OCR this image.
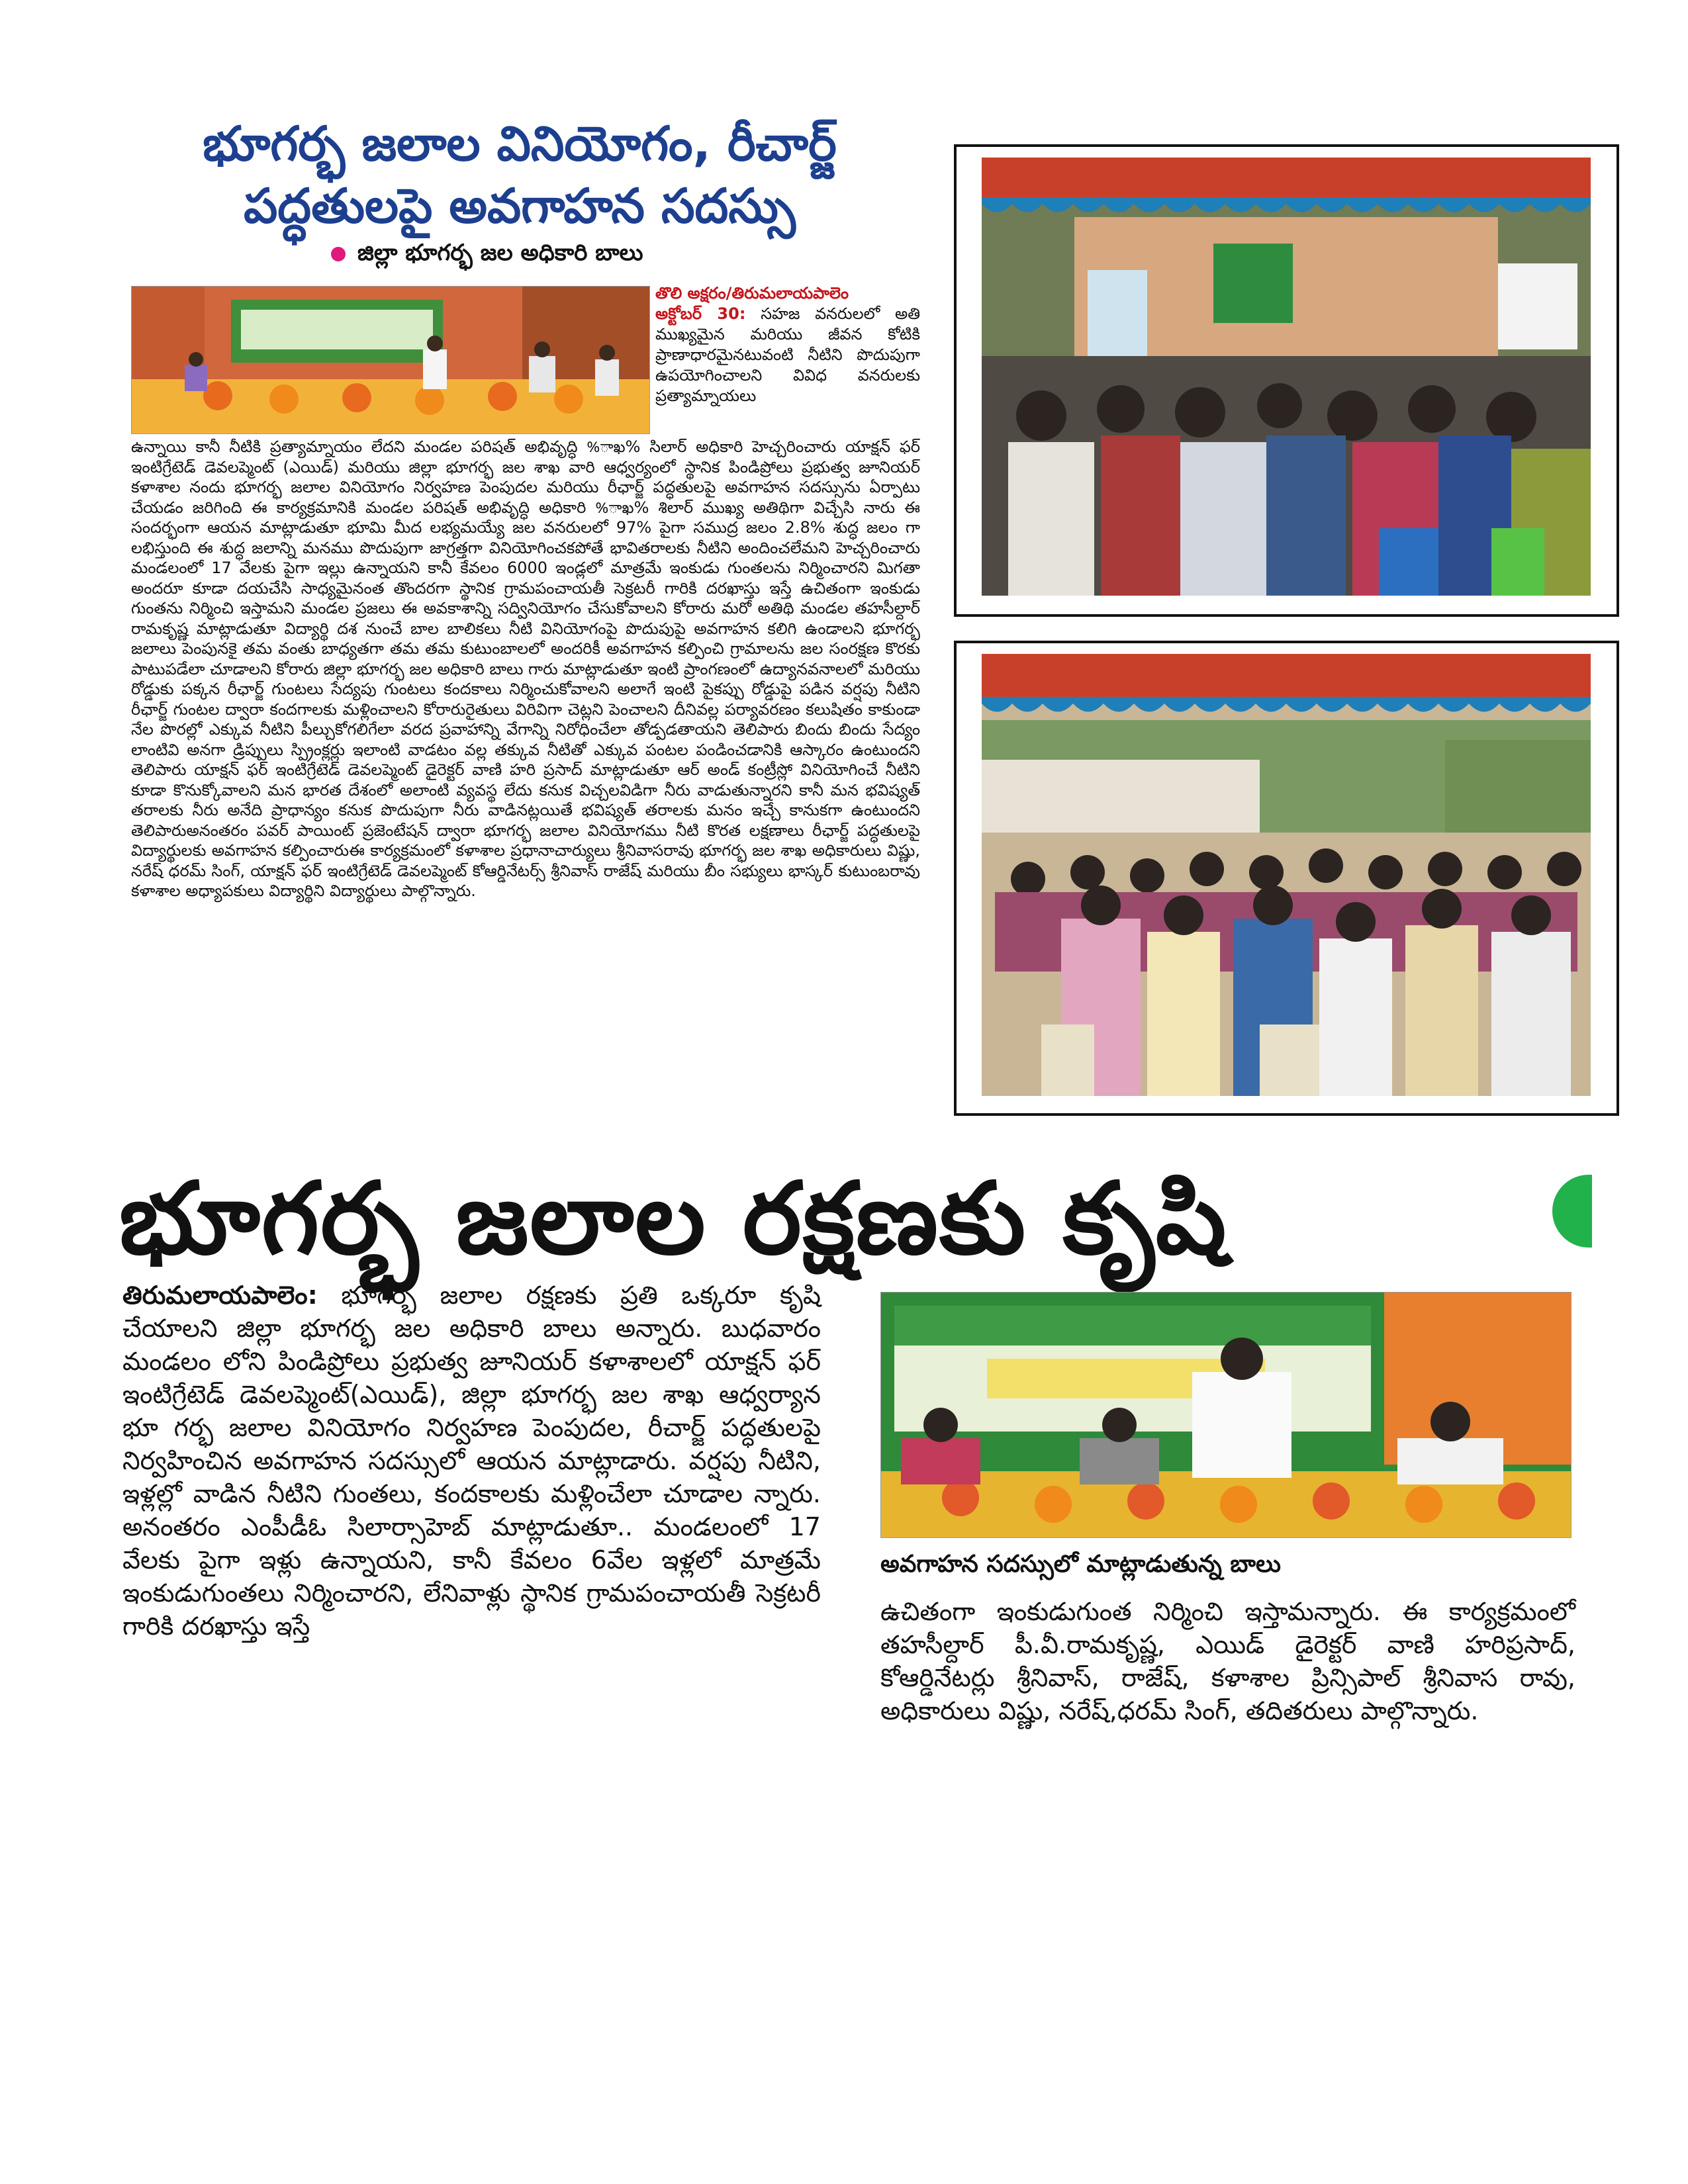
భూగర్భ జలాల వినియోగం, రీచార్జ్
పద్ధతులపై అవగాహన సదస్సు
జిల్లా భూగర్భ జల అధికారి బాలు
తొలి అక్షరం/తిరుమలాయపాలెం
అక్టోబర్ 30: సహజ వనరులలో అతి ముఖ్యమైన మరియు జీవన కోటికి ప్రాణాధారమైనటువంటి నీటిని పొదుపుగా ఉపయోగించాలని వివిధ వనరులకు ప్రత్యామ్నాయలు
ఉన్నాయి కానీ నీటికి ప్రత్యామ్నాయం లేదని మండల పరిషత్ అభివృద్ధి %ాఖ% సిలార్ అధికారి హెచ్చరించారు యాక్షన్ ఫర్ ఇంటిగ్రేటెడ్ డెవలప్మెంట్ (ఎయిడ్) మరియు జిల్లా భూగర్భ జల శాఖ వారి ఆధ్వర్యంలో స్థానిక పిండిప్రోలు ప్రభుత్వ జూనియర్ కళాశాల నందు భూగర్భ జలాల వినియోగం నిర్వహణ పెంపుదల మరియు రీఛార్జ్ పద్ధతులపై అవగాహన సదస్సును ఏర్పాటు చేయడం జరిగింది ఈ కార్యక్రమానికి మండల పరిషత్ అభివృద్ధి అధికారి %ాఖ% శిలార్ ముఖ్య అతిథిగా విచ్చేసి నారు ఈ సందర్భంగా ఆయన మాట్లాడుతూ భూమి మీద లభ్యమయ్యే జల వనరులలో 97% పైగా సముద్ర జలం 2.8% శుద్ధ జలం గా లభిస్తుంది ఈ శుద్ధ జలాన్ని మనము పొదుపుగా జాగ్రత్తగా వినియోగించకపోతే భావితరాలకు నీటిని అందించలేమని హెచ్చరించారు మండలంలో 17 వేలకు పైగా ఇల్లు ఉన్నాయని కానీ కేవలం 6000 ఇండ్లలో మాత్రమే ఇంకుడు గుంతలను నిర్మించారని మిగతా అందరూ కూడా దయచేసి సాధ్యమైనంత తొందరగా స్థానిక గ్రామపంచాయతీ సెక్రటరీ గారికి దరఖాస్తు ఇస్తే ఉచితంగా ఇంకుడు గుంతను నిర్మించి ఇస్తామని మండల ప్రజలు ఈ అవకాశాన్ని సద్వినియోగం చేసుకోవాలని కోరారు మరో అతిథి మండల తహసీల్దార్ రామకృష్ణ మాట్లాడుతూ విద్యార్థి దశ నుంచే బాల బాలికలు నీటి వినియోగంపై పొదుపుపై అవగాహన కలిగి ఉండాలని భూగర్భ జలాలు పెంపునకై తమ వంతు బాధ్యతగా తమ తమ కుటుంబాలలో అందరికీ అవగాహన కల్పించి గ్రామాలను జల సంరక్షణ కొరకు పాటుపడేలా చూడాలని కోరారు జిల్లా భూగర్భ జల అధికారి బాలు గారు మాట్లాడుతూ ఇంటి ప్రాంగణంలో ఉద్యానవనాలలో మరియు రోడ్డుకు పక్కన రీఛార్జ్ గుంటలు సేద్యపు గుంటలు కందకాలు నిర్మించుకోవాలని అలాగే ఇంటి పైకప్పు రోడ్డుపై పడిన వర్షపు నీటిని రీఛార్జ్ గుంటల ద్వారా కందగాలకు మళ్లించాలని కోరారురైతులు విరివిగా చెట్లని పెంచాలని దీనివల్ల పర్యావరణం కలుషితం కాకుండా నేల పొరల్లో ఎక్కువ నీటిని పీల్చుకోగలిగేలా వరద ప్రవాహాన్ని వేగాన్ని నిరోధించేలా తోడ్పడతాయని తెలిపారు బిందు బిందు సేద్యం లాంటివి అనగా డ్రిప్పులు స్ప్రింక్లర్లు ఇలాంటి వాడటం వల్ల తక్కువ నీటితో ఎక్కువ పంటల పండించడానికి ఆస్కారం ఉంటుందని తెలిపారు యాక్షన్ ఫర్ ఇంటిగ్రేటెడ్ డెవలప్మెంట్ డైరెక్టర్ వాణి హరి ప్రసాద్ మాట్లాడుతూ ఆర్ అండ్ కంట్రీస్లో వినియోగించే నీటిని కూడా కొనుక్కోవాలని మన భారత దేశంలో అలాంటి వ్యవస్థ లేదు కనుక విచ్చలవిడిగా నీరు వాడుతున్నారని కానీ మన భవిష్యత్ తరాలకు నీరు అనేది ప్రాధాన్యం కనుక పొదుపుగా నీరు వాడినట్లయితే భవిష్యత్ తరాలకు మనం ఇచ్చే కానుకగా ఉంటుందని తెలిపారుఅనంతరం పవర్ పాయింట్ ప్రజెంటేషన్ ద్వారా భూగర్భ జలాల వినియోగము నీటి కొరత లక్షణాలు రీఛార్జ్ పద్ధతులపై విద్యార్థులకు అవగాహన కల్పించారుఈ కార్యక్రమంలో కళాశాల ప్రధానాచార్యులు శ్రీనివాసరావు భూగర్భ జల శాఖ అధికారులు విష్ణు, నరేష్ ధరమ్ సింగ్, యాక్షన్ ఫర్ ఇంటిగ్రేటెడ్ డెవలప్మెంట్ కోఆర్డినేటర్స్ శ్రీనివాస్ రాజేష్ మరియు బీం సభ్యులు భాస్కర్ కుటుంబరావు కళాశాల అధ్యాపకులు విద్యార్థిని విద్యార్థులు పాల్గొన్నారు.
భూగర్భ జలాల రక్షణకు కృషి
తిరుమలాయపాలెం: భూగర్భ జలాల రక్షణకు ప్రతి ఒక్కరూ కృషి చేయాలని జిల్లా భూగర్భ జల అధికారి బాలు అన్నారు. బుధవారం మండలం లోని పిండిప్రోలు ప్రభుత్వ జూనియర్ కళాశాలలో యాక్షన్ ఫర్ ఇంటిగ్రేటెడ్ డెవలప్మెంట్(ఎయిడ్), జిల్లా భూగర్భ జల శాఖ ఆధ్వర్యాన భూ గర్భ జలాల వినియోగం నిర్వహణ పెంపుదల, రీచార్జ్ పద్ధతులపై నిర్వహించిన అవగాహన సదస్సులో ఆయన మాట్లాడారు. వర్షపు నీటిని, ఇళ్లల్లో వాడిన నీటిని గుంతలు, కందకాలకు మళ్లించేలా చూడాల న్నారు. అనంతరం ఎంపీడీఓ సిలార్సాహెబ్ మాట్లాడుతూ.. మండలంలో 17 వేలకు పైగా ఇళ్లు ఉన్నాయని, కానీ కేవలం 6వేల ఇళ్లలో మాత్రమే ఇంకుడుగుంతలు నిర్మించారని, లేనివాళ్లు స్థానిక గ్రామపంచాయతీ సెక్రటరీ గారికి దరఖాస్తు ఇస్తే
అవగాహన సదస్సులో మాట్లాడుతున్న బాలు
ఉచితంగా ఇంకుడుగుంత నిర్మించి ఇస్తామన్నారు. ఈ కార్యక్రమంలో తహసీల్దార్ పీ.వీ.రామకృష్ణ, ఎయిడ్ డైరెక్టర్ వాణి హరిప్రసాద్, కోఆర్డినేటర్లు శ్రీనివాస్, రాజేష్, కళాశాల ప్రిన్సిపాల్ శ్రీనివాస రావు, అధికారులు విష్ణు, నరేష్,ధరమ్ సింగ్, తదితరులు పాల్గొన్నారు.
